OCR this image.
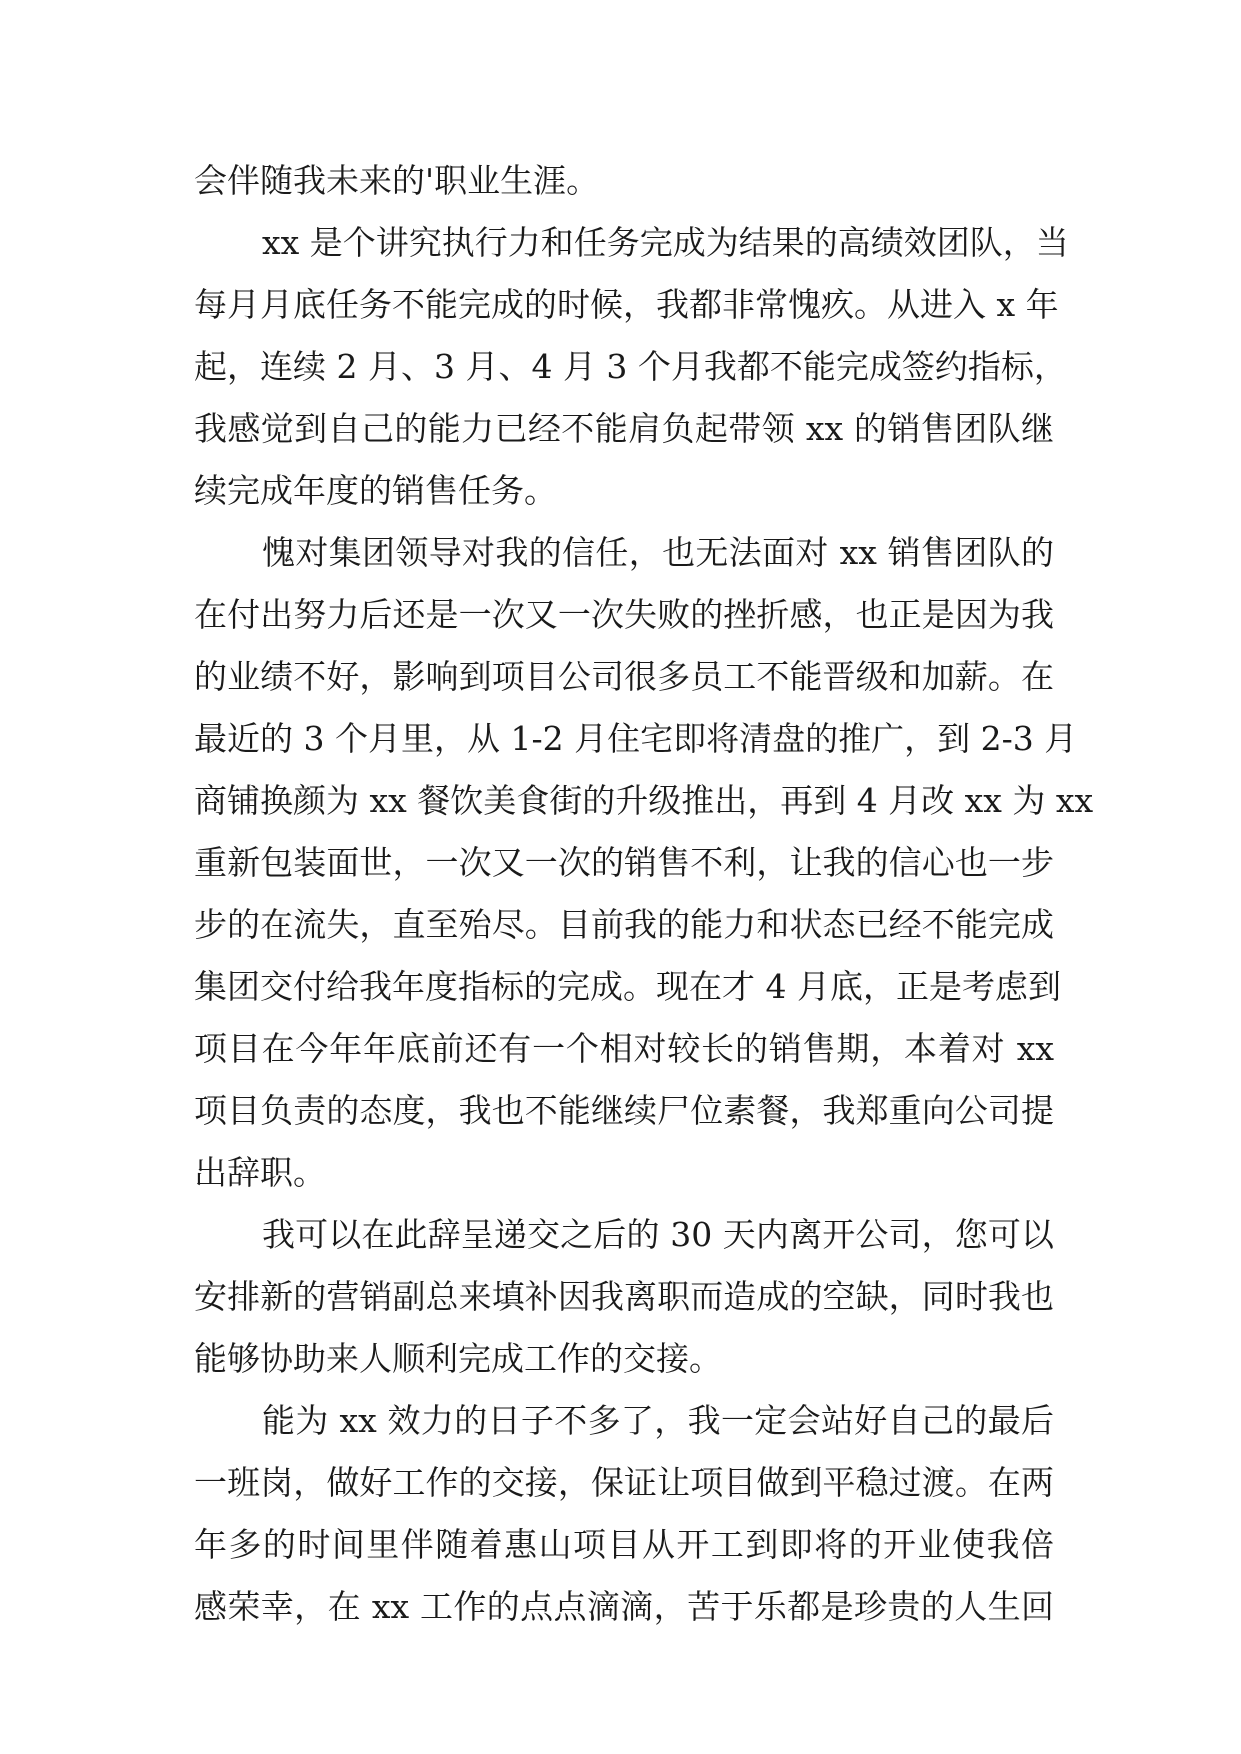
会伴随我未来的'职业生涯。
xx 是个讲究执行力和任务完成为结果的高绩效团队，当
每月月底任务不能完成的时候，我都非常愧疚。从进入 x 年
起，连续 2 月、3 月、4 月 3 个月我都不能完成签约指标，
我感觉到自己的能力已经不能肩负起带领 xx 的销售团队继
续完成年度的销售任务。
愧对集团领导对我的信任，也无法面对 xx 销售团队的
在付出努力后还是一次又一次失败的挫折感，也正是因为我
的业绩不好，影响到项目公司很多员工不能晋级和加薪。在
最近的 3 个月里，从 1-2 月住宅即将清盘的推广，到 2-3 月
商铺换颜为 xx 餐饮美食街的升级推出，再到 4 月改 xx 为 xx
重新包装面世，一次又一次的销售不利，让我的信心也一步
步的在流失，直至殆尽。目前我的能力和状态已经不能完成
集团交付给我年度指标的完成。现在才 4 月底，正是考虑到
项目在今年年底前还有一个相对较长的销售期，本着对 xx
项目负责的态度，我也不能继续尸位素餐，我郑重向公司提
出辞职。
我可以在此辞呈递交之后的 30 天内离开公司，您可以
安排新的营销副总来填补因我离职而造成的空缺，同时我也
能够协助来人顺利完成工作的交接。
能为 xx 效力的日子不多了，我一定会站好自己的最后
一班岗，做好工作的交接，保证让项目做到平稳过渡。在两
年多的时间里伴随着惠山项目从开工到即将的开业使我倍
感荣幸，在 xx 工作的点点滴滴，苦于乐都是珍贵的人生回
